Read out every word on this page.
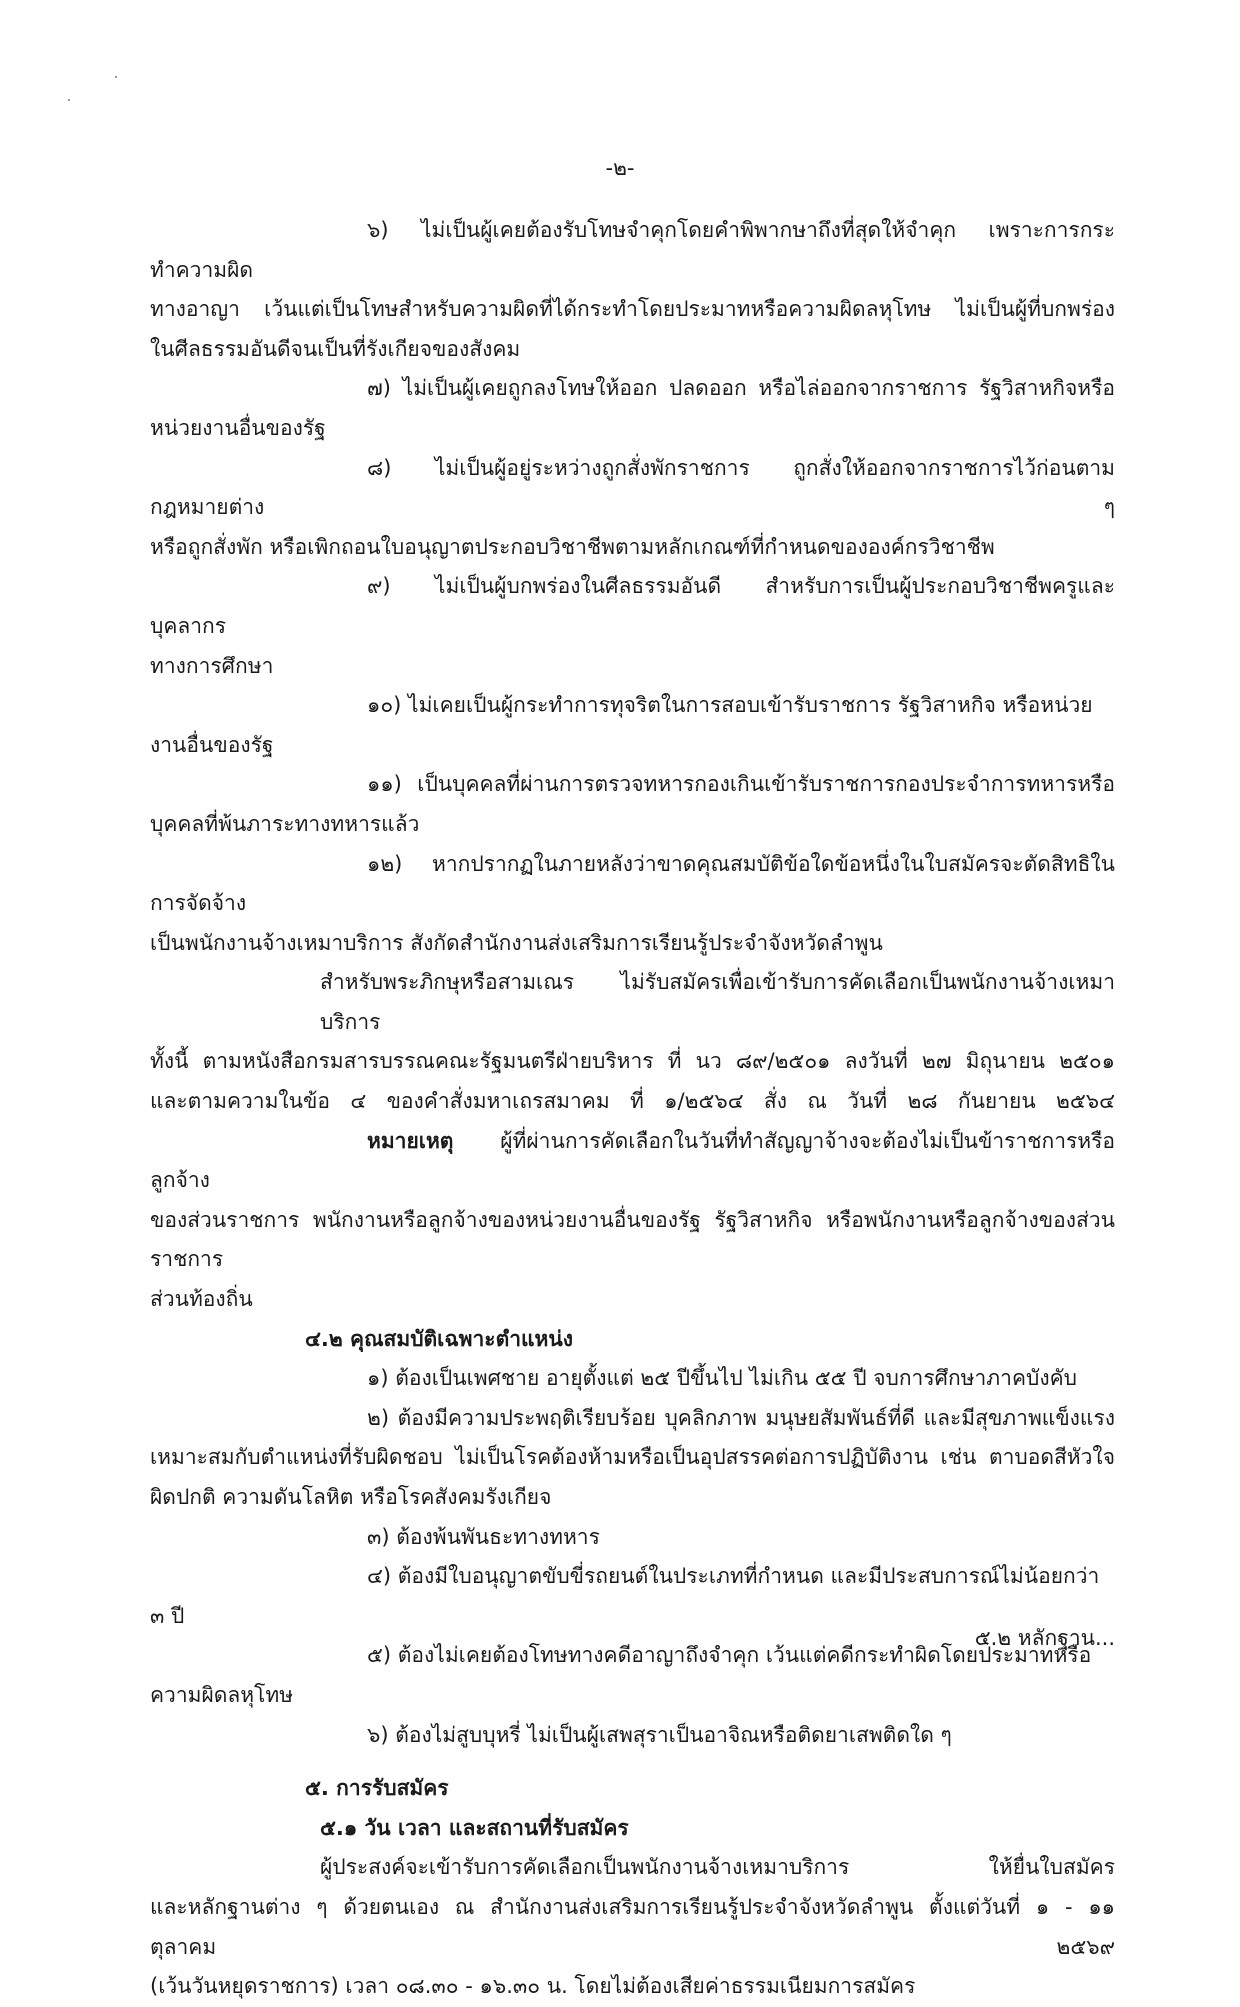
-๒-

๖) ไม่เป็นผู้เคยต้องรับโทษจำคุกโดยคำพิพากษาถึงที่สุดให้จำคุก เพราะการกระทำความผิด

ทางอาญา เว้นแต่เป็นโทษสำหรับความผิดที่ได้กระทำโดยประมาทหรือความผิดลหุโทษ ไม่เป็นผู้ที่บกพร่อง

ในศีลธรรมอันดีจนเป็นที่รังเกียจของสังคม

๗) ไม่เป็นผู้เคยถูกลงโทษให้ออก ปลดออก หรือไล่ออกจากราชการ รัฐวิสาหกิจหรือ

หน่วยงานอื่นของรัฐ

๘) ไม่เป็นผู้อยู่ระหว่างถูกสั่งพักราชการ ถูกสั่งให้ออกจากราชการไว้ก่อนตามกฎหมายต่าง ๆ

หรือถูกสั่งพัก หรือเพิกถอนใบอนุญาตประกอบวิชาชีพตามหลักเกณฑ์ที่กำหนดขององค์กรวิชาชีพ

๙) ไม่เป็นผู้บกพร่องในศีลธรรมอันดี สำหรับการเป็นผู้ประกอบวิชาชีพครูและบุคลากร

ทางการศึกษา

๑๐) ไม่เคยเป็นผู้กระทำการทุจริตในการสอบเข้ารับราชการ รัฐวิสาหกิจ หรือหน่วยงานอื่นของรัฐ

๑๑) เป็นบุคคลที่ผ่านการตรวจทหารกองเกินเข้ารับราชการกองประจำการทหารหรือ

บุคคลที่พ้นภาระทางทหารแล้ว

๑๒) หากปรากฏในภายหลังว่าขาดคุณสมบัติข้อใดข้อหนึ่งในใบสมัครจะตัดสิทธิในการจัดจ้าง

เป็นพนักงานจ้างเหมาบริการ สังกัดสำนักงานส่งเสริมการเรียนรู้ประจำจังหวัดลำพูน

สำหรับพระภิกษุหรือสามเณร ไม่รับสมัครเพื่อเข้ารับการคัดเลือกเป็นพนักงานจ้างเหมาบริการ

ทั้งนี้ ตามหนังสือกรมสารบรรณคณะรัฐมนตรีฝ่ายบริหาร ที่ นว ๘๙/๒๕๐๑ ลงวันที่ ๒๗ มิถุนายน ๒๕๐๑

และตามความในข้อ ๔ ของคำสั่งมหาเถรสมาคม ที่ ๑/๒๕๖๔ สั่ง ณ วันที่ ๒๘ กันยายน ๒๕๖๔

หมายเหตุ ผู้ที่ผ่านการคัดเลือกในวันที่ทำสัญญาจ้างจะต้องไม่เป็นข้าราชการหรือลูกจ้าง

ของส่วนราชการ พนักงานหรือลูกจ้างของหน่วยงานอื่นของรัฐ รัฐวิสาหกิจ หรือพนักงานหรือลูกจ้างของส่วนราชการ

ส่วนท้องถิ่น

๔.๒ คุณสมบัติเฉพาะตำแหน่ง

๑) ต้องเป็นเพศชาย อายุตั้งแต่ ๒๕ ปีขึ้นไป ไม่เกิน ๕๕ ปี จบการศึกษาภาคบังคับ

๒) ต้องมีความประพฤติเรียบร้อย บุคลิกภาพ มนุษยสัมพันธ์ที่ดี และมีสุขภาพแข็งแรง

เหมาะสมกับตำแหน่งที่รับผิดชอบ ไม่เป็นโรคต้องห้ามหรือเป็นอุปสรรคต่อการปฏิบัติงาน เช่น ตาบอดสีหัวใจ

ผิดปกติ ความดันโลหิต หรือโรคสังคมรังเกียจ

๓) ต้องพ้นพันธะทางทหาร

๔) ต้องมีใบอนุญาตขับขี่รถยนต์ในประเภทที่กำหนด และมีประสบการณ์ไม่น้อยกว่า ๓ ปี

๕) ต้องไม่เคยต้องโทษทางคดีอาญาถึงจำคุก เว้นแต่คดีกระทำผิดโดยประมาทหรือความผิดลหุโทษ

๖) ต้องไม่สูบบุหรี่ ไม่เป็นผู้เสพสุราเป็นอาจิณหรือติดยาเสพติดใด ๆ

๕. การรับสมัคร

๕.๑ วัน เวลา และสถานที่รับสมัคร

ผู้ประสงค์จะเข้ารับการคัดเลือกเป็นพนักงานจ้างเหมาบริการ ให้ยื่นใบสมัคร

และหลักฐานต่าง ๆ ด้วยตนเอง ณ สำนักงานส่งเสริมการเรียนรู้ประจำจังหวัดลำพูน ตั้งแต่วันที่ ๑ - ๑๑ ตุลาคม ๒๕๖๙

(เว้นวันหยุดราชการ) เวลา ๐๘.๓๐ - ๑๖.๓๐ น. โดยไม่ต้องเสียค่าธรรมเนียมการสมัคร

๕.๒ หลักฐาน...
